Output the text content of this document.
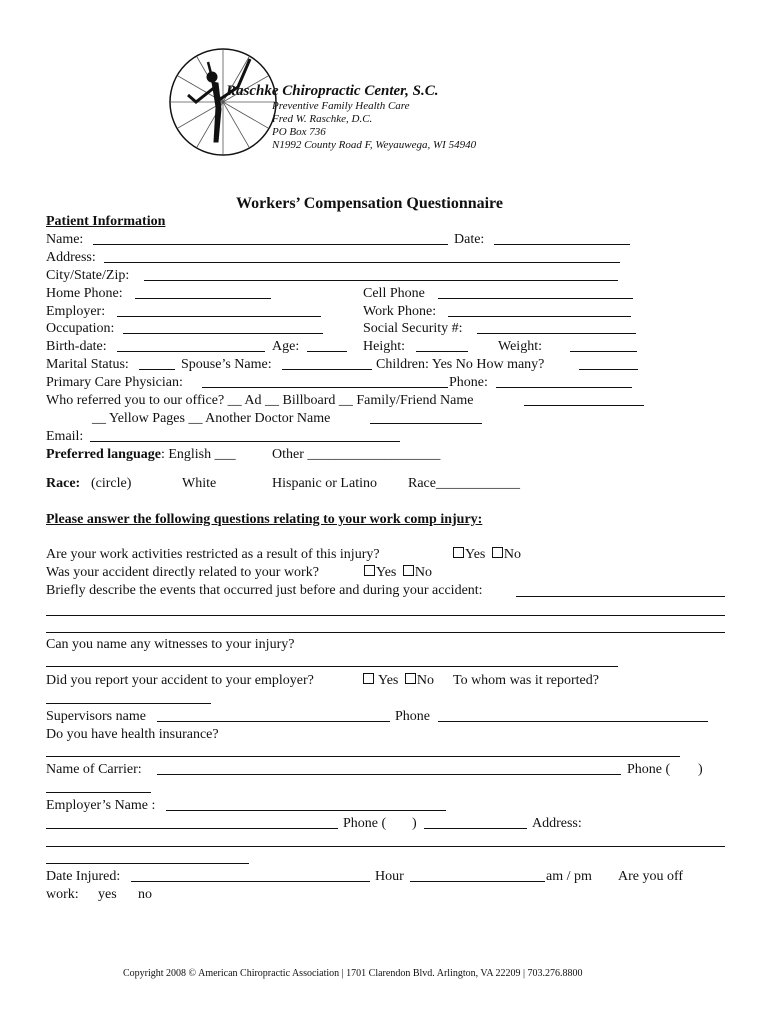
Raschke Chiropractic Center, S.C.
Preventive Family Health Care
Fred W. Raschke, D.C.
PO Box 736
N1992 County Road F, Weyauwega, WI 54940
Workers’ Compensation Questionnaire
Patient Information
Name:	Date:
Address:
City/State/Zip:
Home Phone:	Cell Phone
Employer:	Work Phone:
Occupation:	Social Security #:
Birth-date:	Age:	Height:	Weight:
Marital Status:	Spouse’s Name:	Children: Yes No How many?
Primary Care Physician:	Phone:
Who referred you to our office? __ Ad __ Billboard __ Family/Friend Name
__ Yellow Pages __ Another Doctor Name
Email:
Preferred language: English ___	Other ___________________
Race: (circle)	White	Hispanic or Latino Race____________
Please answer the following questions relating to your work comp injury:
Are your work activities restricted as a result of this injury?	Yes No
Was your accident directly related to your work?	Yes No
Briefly describe the events that occurred just before and during your accident:
Can you name any witnesses to your injury?
Did you report your accident to your employer?	Yes No To whom was it reported?
Supervisors name	Phone
Do you have health insurance?
Name of Carrier:	Phone ( )
Employer’s Name :
Phone ( )	Address:
Date Injured:	Hour	am / pm Are you off
work: yes no
Copyright 2008 © American Chiropractic Association | 1701 Clarendon Blvd. Arlington, VA 22209 | 703.276.8800
